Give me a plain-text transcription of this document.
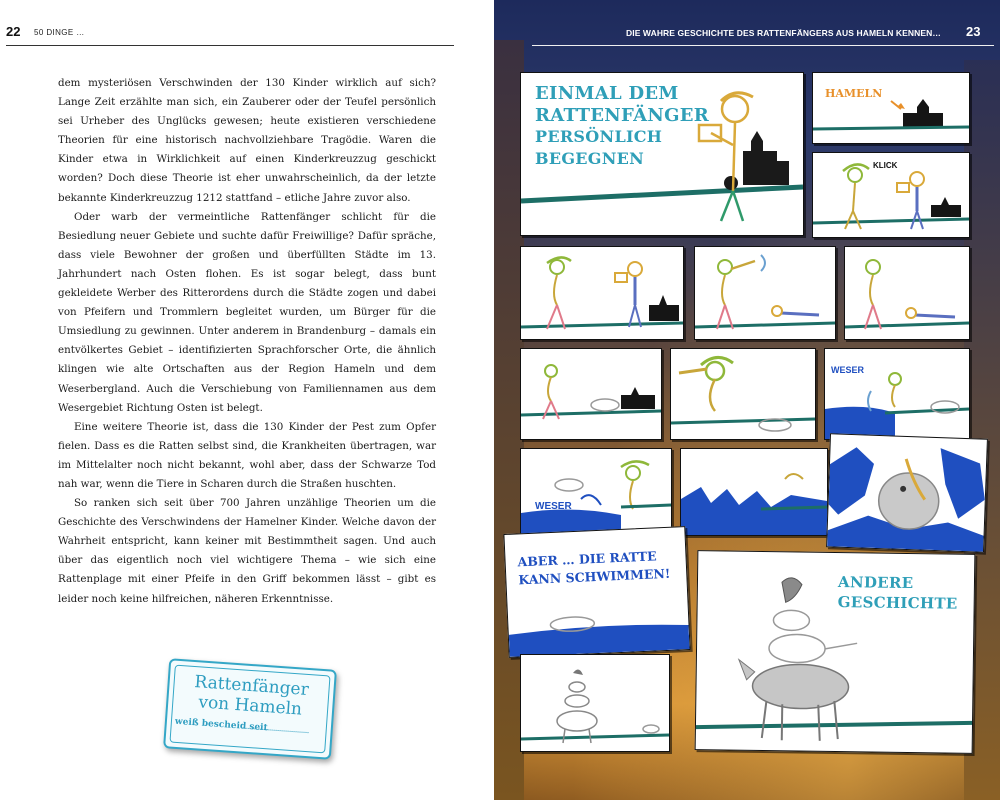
22 50 DINGE …

dem mysteriösen Verschwinden der 130 Kinder wirklich auf sich? Lange Zeit erzählte man sich, ein Zauberer oder der Teufel persönlich sei Urheber des Unglücks gewesen; heute existieren verschiedene Theorien für eine historisch nachvollziehbare Tragödie. Waren die Kinder etwa in Wirklichkeit auf einen Kinderkreuzzug geschickt worden? Doch diese Theorie ist eher unwahrscheinlich, da der letzte bekannte Kinderkreuzzug 1212 stattfand – etliche Jahre zuvor also.

Oder warb der vermeintliche Rattenfänger schlicht für die Besiedlung neuer Gebiete und suchte dafür Freiwillige? Dafür spräche, dass viele Bewohner der großen und überfüllten Städte im 13. Jahrhundert nach Osten flohen. Es ist sogar belegt, dass bunt gekleidete Werber des Ritterordens durch die Städte zogen und dabei von Pfeifern und Trommlern begleitet wurden, um Bürger für die Umsiedlung zu gewinnen. Unter anderem in Brandenburg – damals ein entvölkertes Gebiet – identifizierten Sprachforscher Orte, die ähnlich klingen wie alte Ortschaften aus der Region Hameln und dem Weserbergland. Auch die Verschiebung von Familiennamen aus dem Wesergebiet Richtung Osten ist belegt.

Eine weitere Theorie ist, dass die 130 Kinder der Pest zum Opfer fielen. Dass es die Ratten selbst sind, die Krankheiten übertragen, war im Mittelalter noch nicht bekannt, wohl aber, dass der Schwarze Tod nah war, wenn die Tiere in Scharen durch die Straßen huschten.

So ranken sich seit über 700 Jahren unzählige Theorien um die Geschichte des Verschwindens der Hamelner Kinder. Welche davon der Wahrheit entspricht, kann keiner mit Bestimmtheit sagen. Und auch über das eigentlich noch viel wichtigere Thema – wie sich eine Rattenplage mit einer Pfeife in den Griff bekommen lässt – gibt es leider noch keine hilfreichen, näheren Erkenntnisse.

Rattenfänger
von Hameln
weiß bescheid seit
DIE WAHRE GESCHICHTE DES RATTENFÄNGERS AUS HAMELN KENNEN… 23
EINMAL DEM
RATTENFÄNGER
PERSÖNLICH
BEGEGNEN
HAMELN
KLICK
WESER
WESER
ABER … DIE RATTE
KANN SCHWIMMEN!	ANDERE
GESCHICHTE
